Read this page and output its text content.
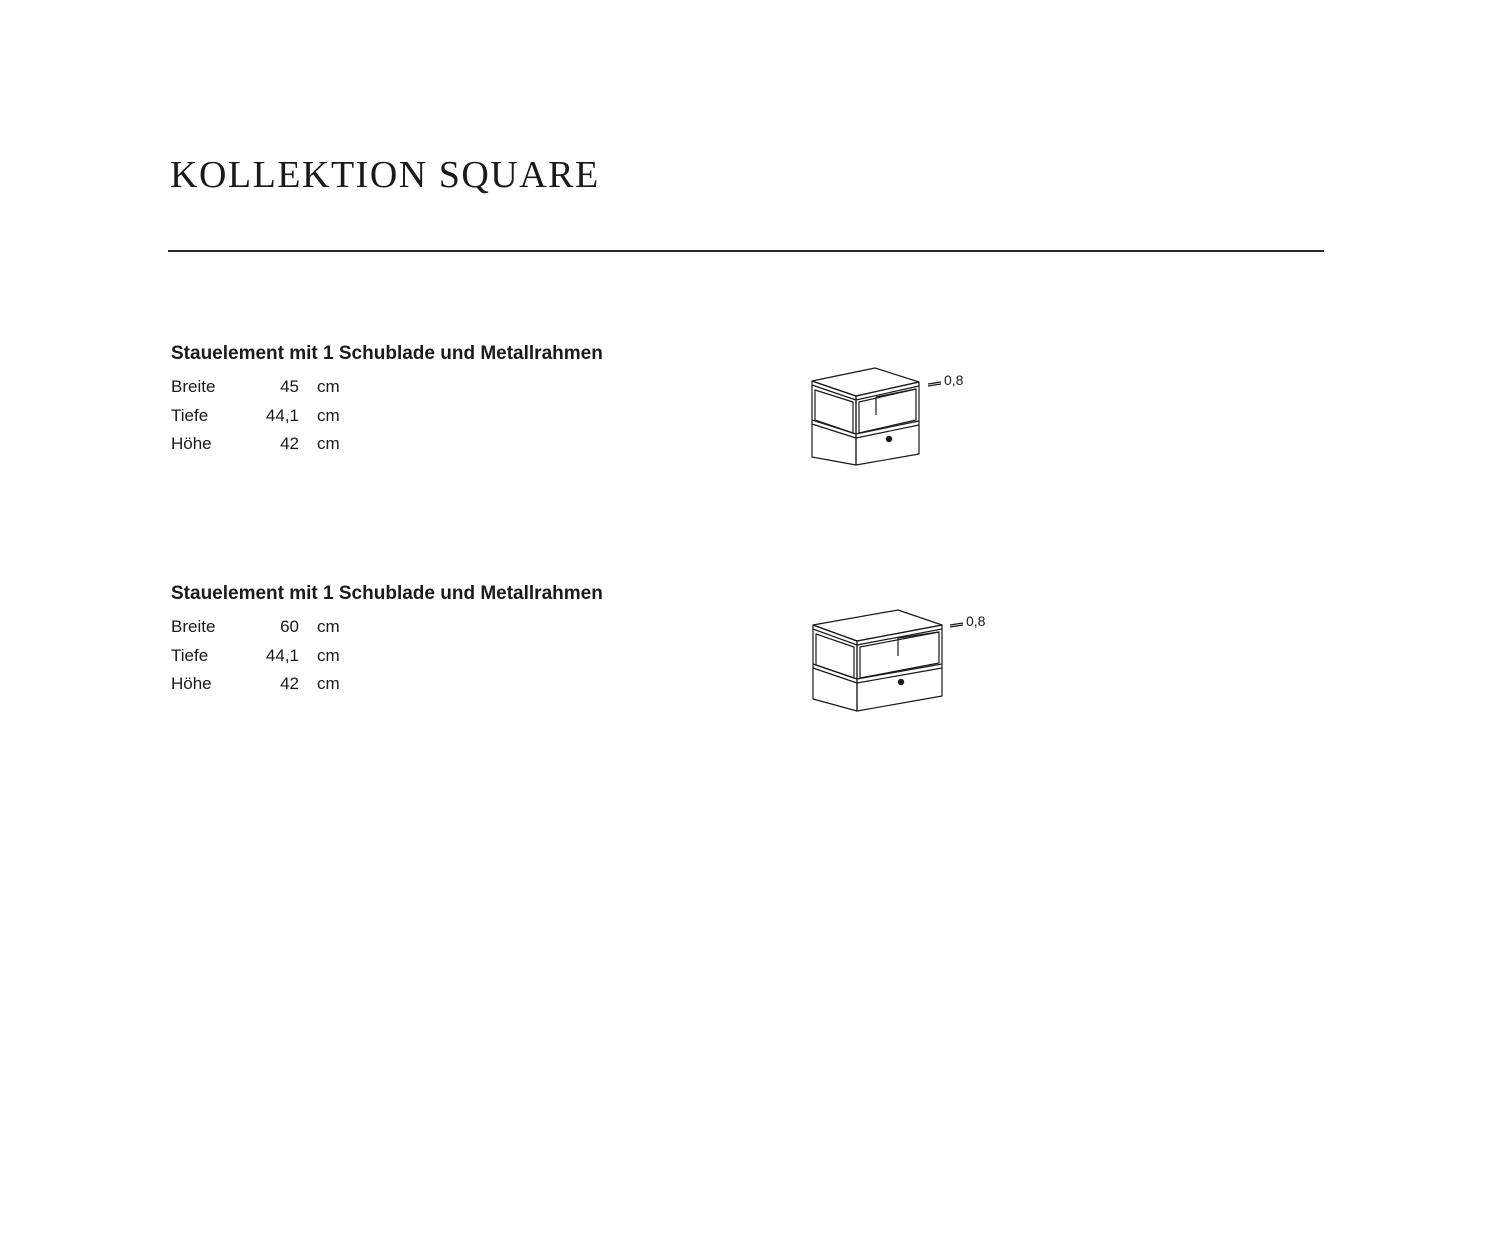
KOLLEKTION SQUARE
Stauelement mit 1 Schublade und Metallrahmen
Breite	45 cm
Tiefe	44,1 cm
Höhe	42 cm
0,8
Stauelement mit 1 Schublade und Metallrahmen
Breite	60 cm
Tiefe	44,1 cm
Höhe	42 cm
0,8
